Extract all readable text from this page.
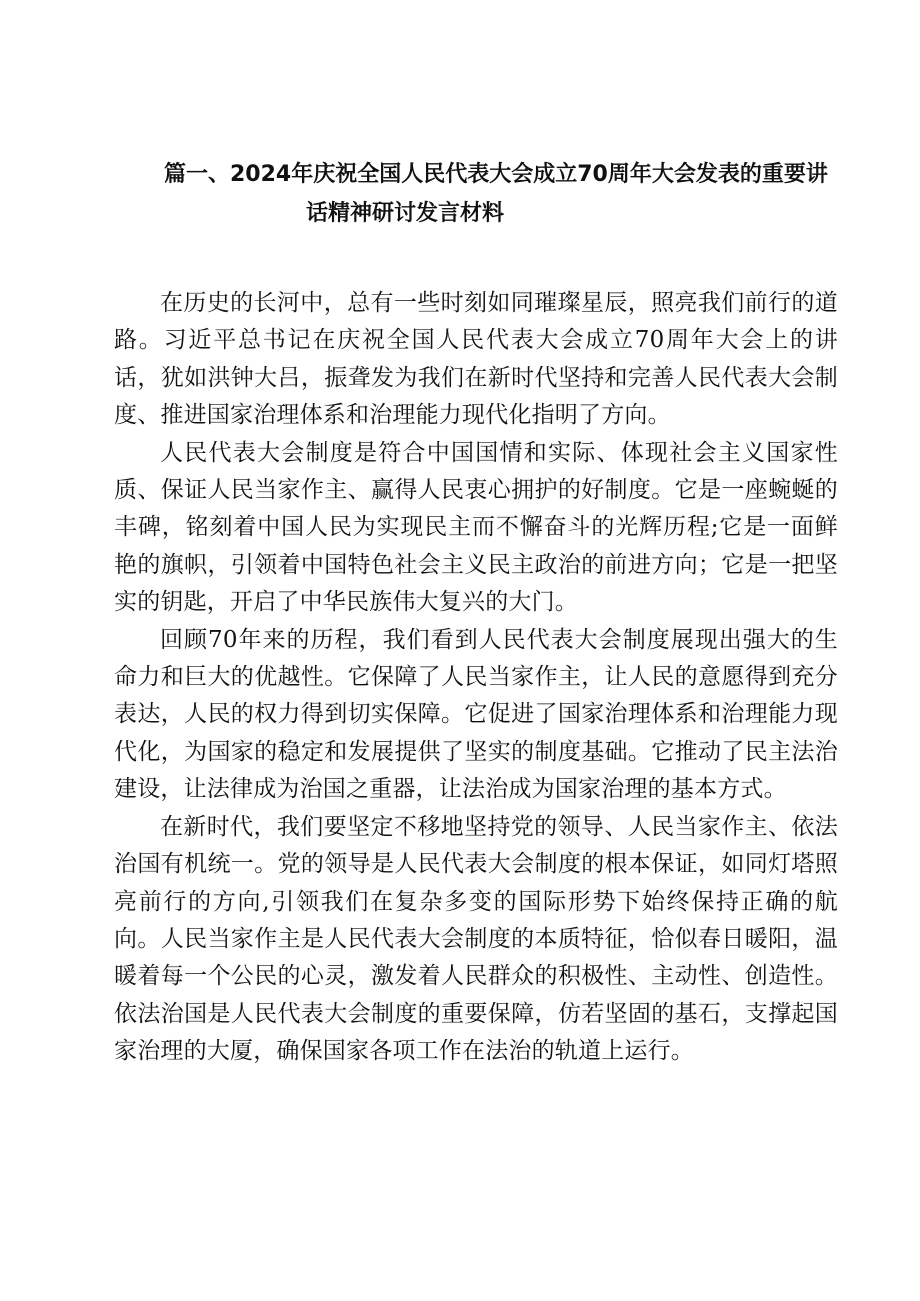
篇一、2024年庆祝全国人民代表大会成立70周年大会发表的重要讲
话精神研讨发言材料

在历史的长河中，总有一些时刻如同璀璨星辰，照亮我们前行的道路。习近平总书记在庆祝全国人民代表大会成立70周年大会上的讲话，犹如洪钟大吕，振聋发为我们在新时代坚持和完善人民代表大会制度、推进国家治理体系和治理能力现代化指明了方向。

人民代表大会制度是符合中国国情和实际、体现社会主义国家性质、保证人民当家作主、赢得人民衷心拥护的好制度。它是一座蜿蜒的丰碑，铭刻着中国人民为实现民主而不懈奋斗的光辉历程;它是一面鲜艳的旗帜，引领着中国特色社会主义民主政治的前进方向；它是一把坚实的钥匙，开启了中华民族伟大复兴的大门。

回顾70年来的历程，我们看到人民代表大会制度展现出强大的生命力和巨大的优越性。它保障了人民当家作主，让人民的意愿得到充分表达，人民的权力得到切实保障。它促进了国家治理体系和治理能力现代化，为国家的稳定和发展提供了坚实的制度基础。它推动了民主法治建设，让法律成为治国之重器，让法治成为国家治理的基本方式。

在新时代，我们要坚定不移地坚持党的领导、人民当家作主、依法治国有机统一。党的领导是人民代表大会制度的根本保证，如同灯塔照亮前行的方向,引领我们在复杂多变的国际形势下始终保持正确的航向。人民当家作主是人民代表大会制度的本质特征，恰似春日暖阳，温暖着每一个公民的心灵，激发着人民群众的积极性、主动性、创造性。依法治国是人民代表大会制度的重要保障，仿若坚固的基石，支撑起国家治理的大厦，确保国家各项工作在法治的轨道上运行。
